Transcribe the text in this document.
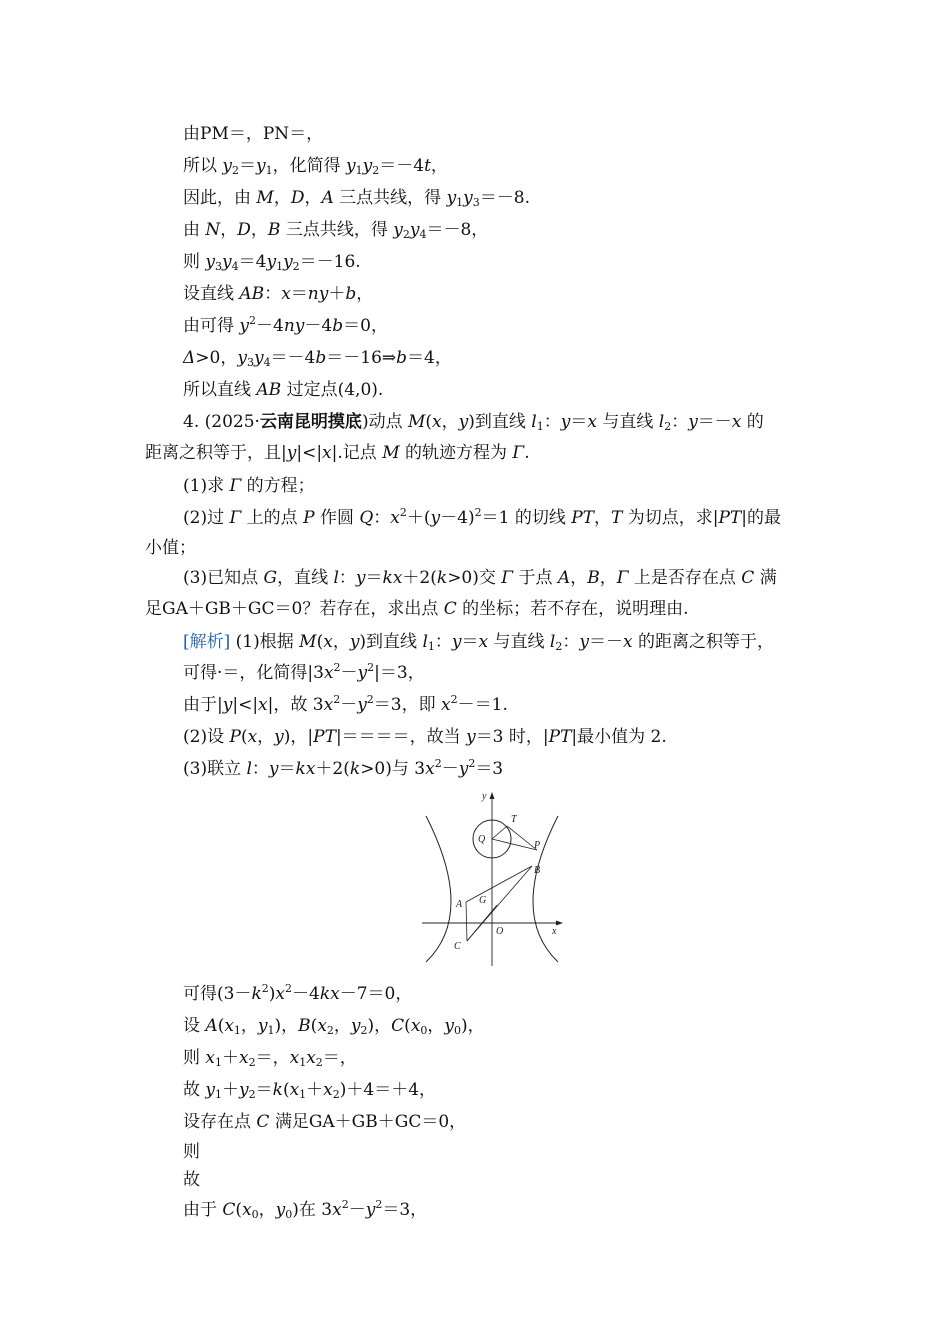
由PM＝，PN＝，
所以 $y_2=y_1$，化简得 $y_1y_2=-4t$，
因此，由 M，D，A 三点共线，得 $y_1y_3=-8$.
由 N，D，B 三点共线，得 $y_2y_4=-8$，
则 $y_3y_4=4y_1y_2=-16$.
设直线 AB：x＝ny＋b，
由可得 $y^2-4ny-4b=0$，
Δ>0，$y_3y_4=-4b=-16\Rightarrow b=4$，
所以直线 AB 过定点(4,0).
4. (2025·云南昆明摸底)动点 M(x，y)到直线 $l_1$：y＝x 与直线 $l_2$：y＝－x 的
距离之积等于，且|y|<|x|.记点 M 的轨迹方程为 Γ.
(1)求 Γ 的方程；
(2)过 Γ 上的点 P 作圆 Q：$x^2+(y-4)^2=1$ 的切线 PT，T 为切点，求|PT|的最
小值；
(3)已知点 G，直线 l：y＝kx＋2(k>0)交 Γ 于点 A，B，Γ 上是否存在点 C 满
足GA＋GB＋GC＝0？若存在，求出点 C 的坐标；若不存在，说明理由.
[解析] (1)根据 M(x，y)到直线 $l_1$：y＝x 与直线 $l_2$：y＝－x 的距离之积等于，
可得·＝，化简得$|3x^2-y^2|=3$，
由于|y|<|x|，故 $3x^2-y^2=3$，即 $x^2-=1$.
(2)设 P(x，y)，|PT|＝＝＝＝，故当 y＝3 时，|PT|最小值为 2.
(3)联立 l：y＝kx＋2(k>0)与 $3x^2-y^2=3$
y
x
O
Q
T
P
B
A G
C
可得$(3-k^2)x^2-4kx-7=0$，
设 $A(x_1$，$y_1$)，$B(x_2$，$y_2$)，$C(x_0$，$y_0$)，
则 $x_1+x_2=$，$x_1x_2=$，
故 $y_1+y_2=k(x_1+x_2)+4=+4$，
设存在点 C 满足GA＋GB＋GC＝0，
则
故
由于 $C(x_0$，$y_0$)在 $3x^2-y^2=3$，
